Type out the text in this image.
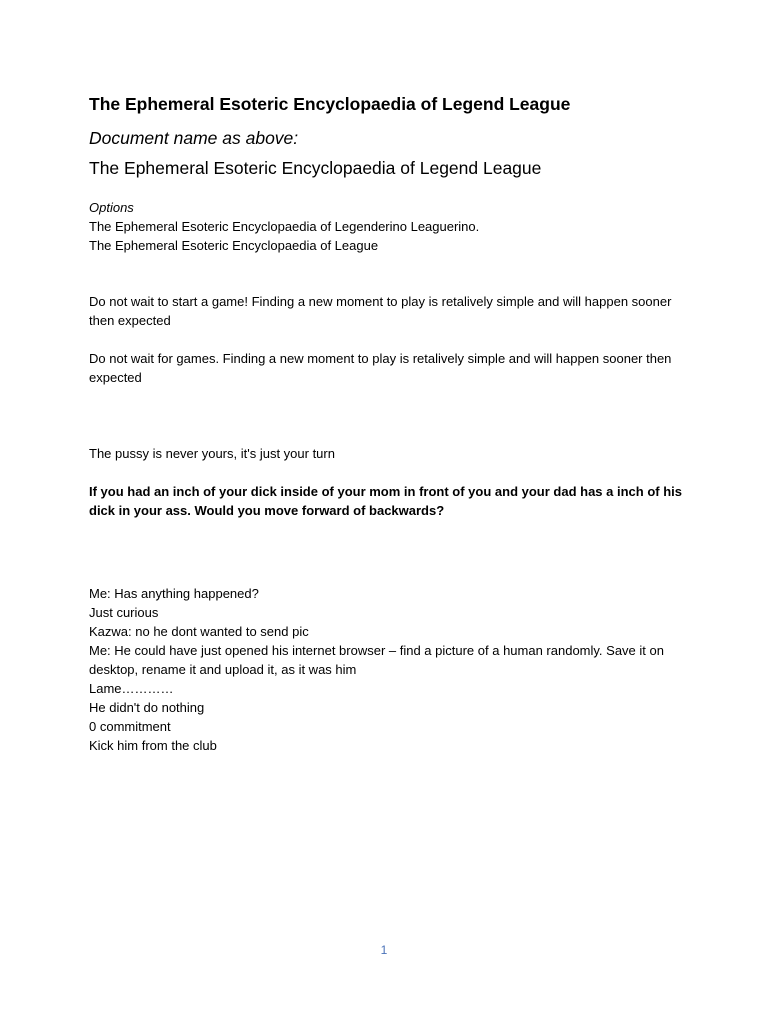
The Ephemeral Esoteric Encyclopaedia of Legend League

Document name as above:

The Ephemeral Esoteric Encyclopaedia of Legend League

Options

The Ephemeral Esoteric Encyclopaedia of Legenderino Leaguerino.

The Ephemeral Esoteric Encyclopaedia of League

Do not wait to start a game! Finding a new moment to play is retalively simple and will happen sooner then expected

Do not wait for games. Finding a new moment to play is retalively simple and will happen sooner then expected

The pussy is never yours, it's just your turn

If you had an inch of your dick inside of your mom in front of you and your dad has a inch of his dick in your ass. Would you move forward of backwards?

Me: Has anything happened?

Just curious

Kazwa: no he dont wanted to send pic

Me: He could have just opened his internet browser – find a picture of a human randomly. Save it on desktop, rename it and upload it, as it was him

Lame…………

He didn't do nothing

0 commitment

Kick him from the club

1
